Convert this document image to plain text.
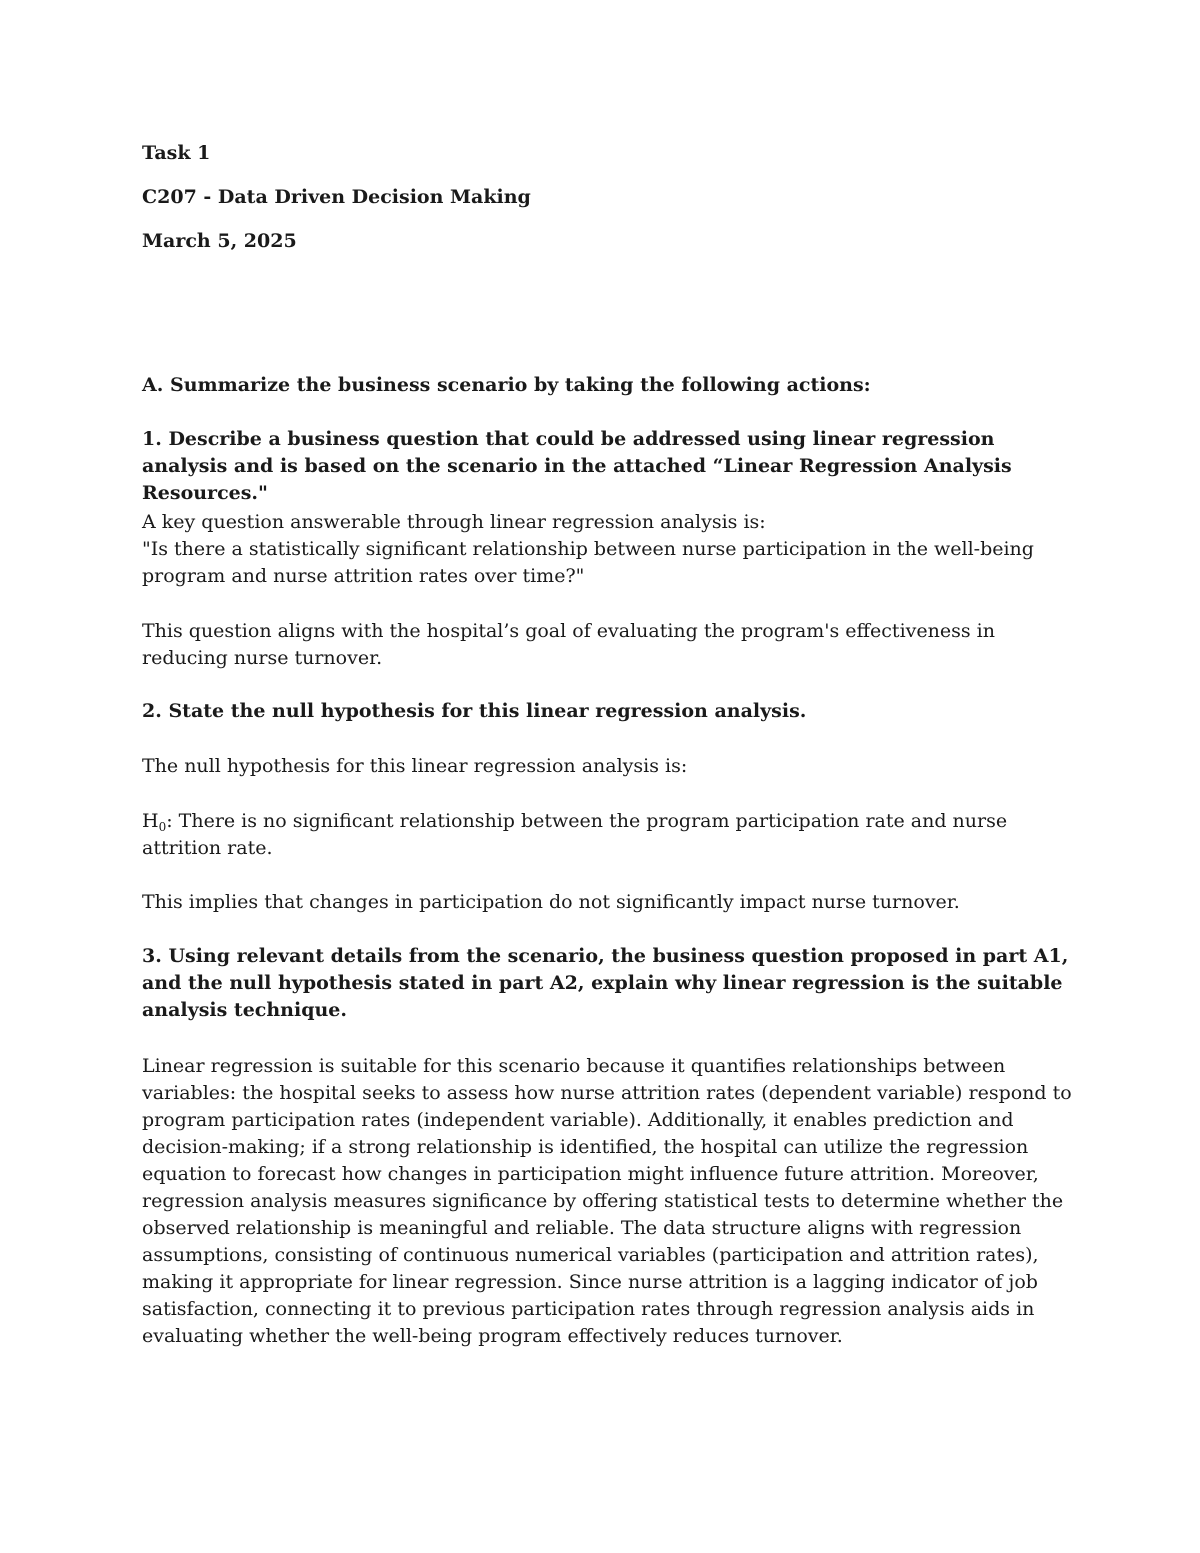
Task 1

C207 - Data Driven Decision Making

March 5, 2025

A. Summarize the business scenario by taking the following actions:

1. Describe a business question that could be addressed using linear regression analysis and is based on the scenario in the attached “Linear Regression Analysis Resources."

A key question answerable through linear regression analysis is:

"Is there a statistically significant relationship between nurse participation in the well-being program and nurse attrition rates over time?"

This question aligns with the hospital’s goal of evaluating the program's effectiveness in reducing nurse turnover.

2. State the null hypothesis for this linear regression analysis.

The null hypothesis for this linear regression analysis is:

$H_0$: There is no significant relationship between the program participation rate and nurse attrition rate.

This implies that changes in participation do not significantly impact nurse turnover.

3. Using relevant details from the scenario, the business question proposed in part A1, and the null hypothesis stated in part A2, explain why linear regression is the suitable analysis technique.

Linear regression is suitable for this scenario because it quantifies relationships between variables: the hospital seeks to assess how nurse attrition rates (dependent variable) respond to program participation rates (independent variable). Additionally, it enables prediction and decision-making; if a strong relationship is identified, the hospital can utilize the regression equation to forecast how changes in participation might influence future attrition. Moreover, regression analysis measures significance by offering statistical tests to determine whether the observed relationship is meaningful and reliable. The data structure aligns with regression assumptions, consisting of continuous numerical variables (participation and attrition rates), making it appropriate for linear regression. Since nurse attrition is a lagging indicator of job satisfaction, connecting it to previous participation rates through regression analysis aids in evaluating whether the well-being program effectively reduces turnover.
